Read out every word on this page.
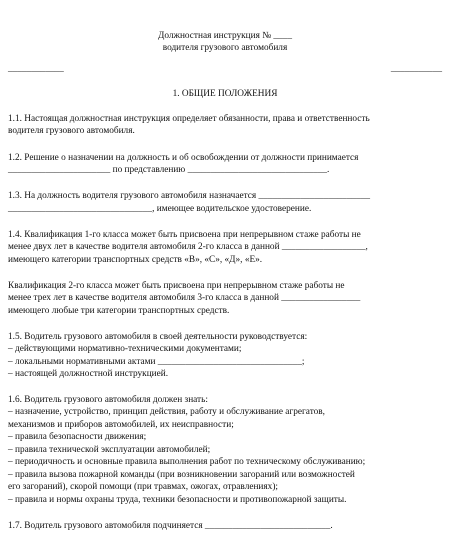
Должностная инструкция № ____

водителя грузового автомобиля

____________	___________

1. ОБЩИЕ ПОЛОЖЕНИЯ

1.1. Настоящая должностная инструкция определяет обязанности, права и ответственность

водителя грузового автомобиля.

1.2. Решение о назначении на должность и об освобождении от должности принимается

______________________ по представлению ______________________________.

1.3. На должность водителя грузового автомобиля назначается ________________________

_______________________________, имеющее водительское удостоверение.

1.4. Квалификация 1-го класса может быть присвоена при непрерывном стаже работы не

менее двух лет в качестве водителя автомобиля 2-го класса в данной __________________,

имеющего категории транспортных средств «В», «С», «Д», «Е».

Квалификация 2-го класса может быть присвоена при непрерывном стаже работы не

менее трех лет в качестве водителя автомобиля 3-го класса в данной _________________

имеющего любые три категории транспортных средств.

1.5. Водитель грузового автомобиля в своей деятельности руководствуется:

– действующими нормативно-техническими документами;

– локальными нормативными актами _______________________________;

– настоящей должностной инструкцией.

1.6. Водитель грузового автомобиля должен знать:

– назначение, устройство, принцип действия, работу и обслуживание агрегатов,

механизмов и приборов автомобилей, их неисправности;

– правила безопасности движения;

– правила технической эксплуатации автомобилей;

– периодичность и основные правила выполнения работ по техническому обслуживанию;

– правила вызова пожарной команды (при возникновении загораний или возможностей

его загораний), скорой помощи (при травмах, ожогах, отравлениях);

– правила и нормы охраны труда, техники безопасности и противопожарной защиты.

1.7. Водитель грузового автомобиля подчиняется ___________________________.
